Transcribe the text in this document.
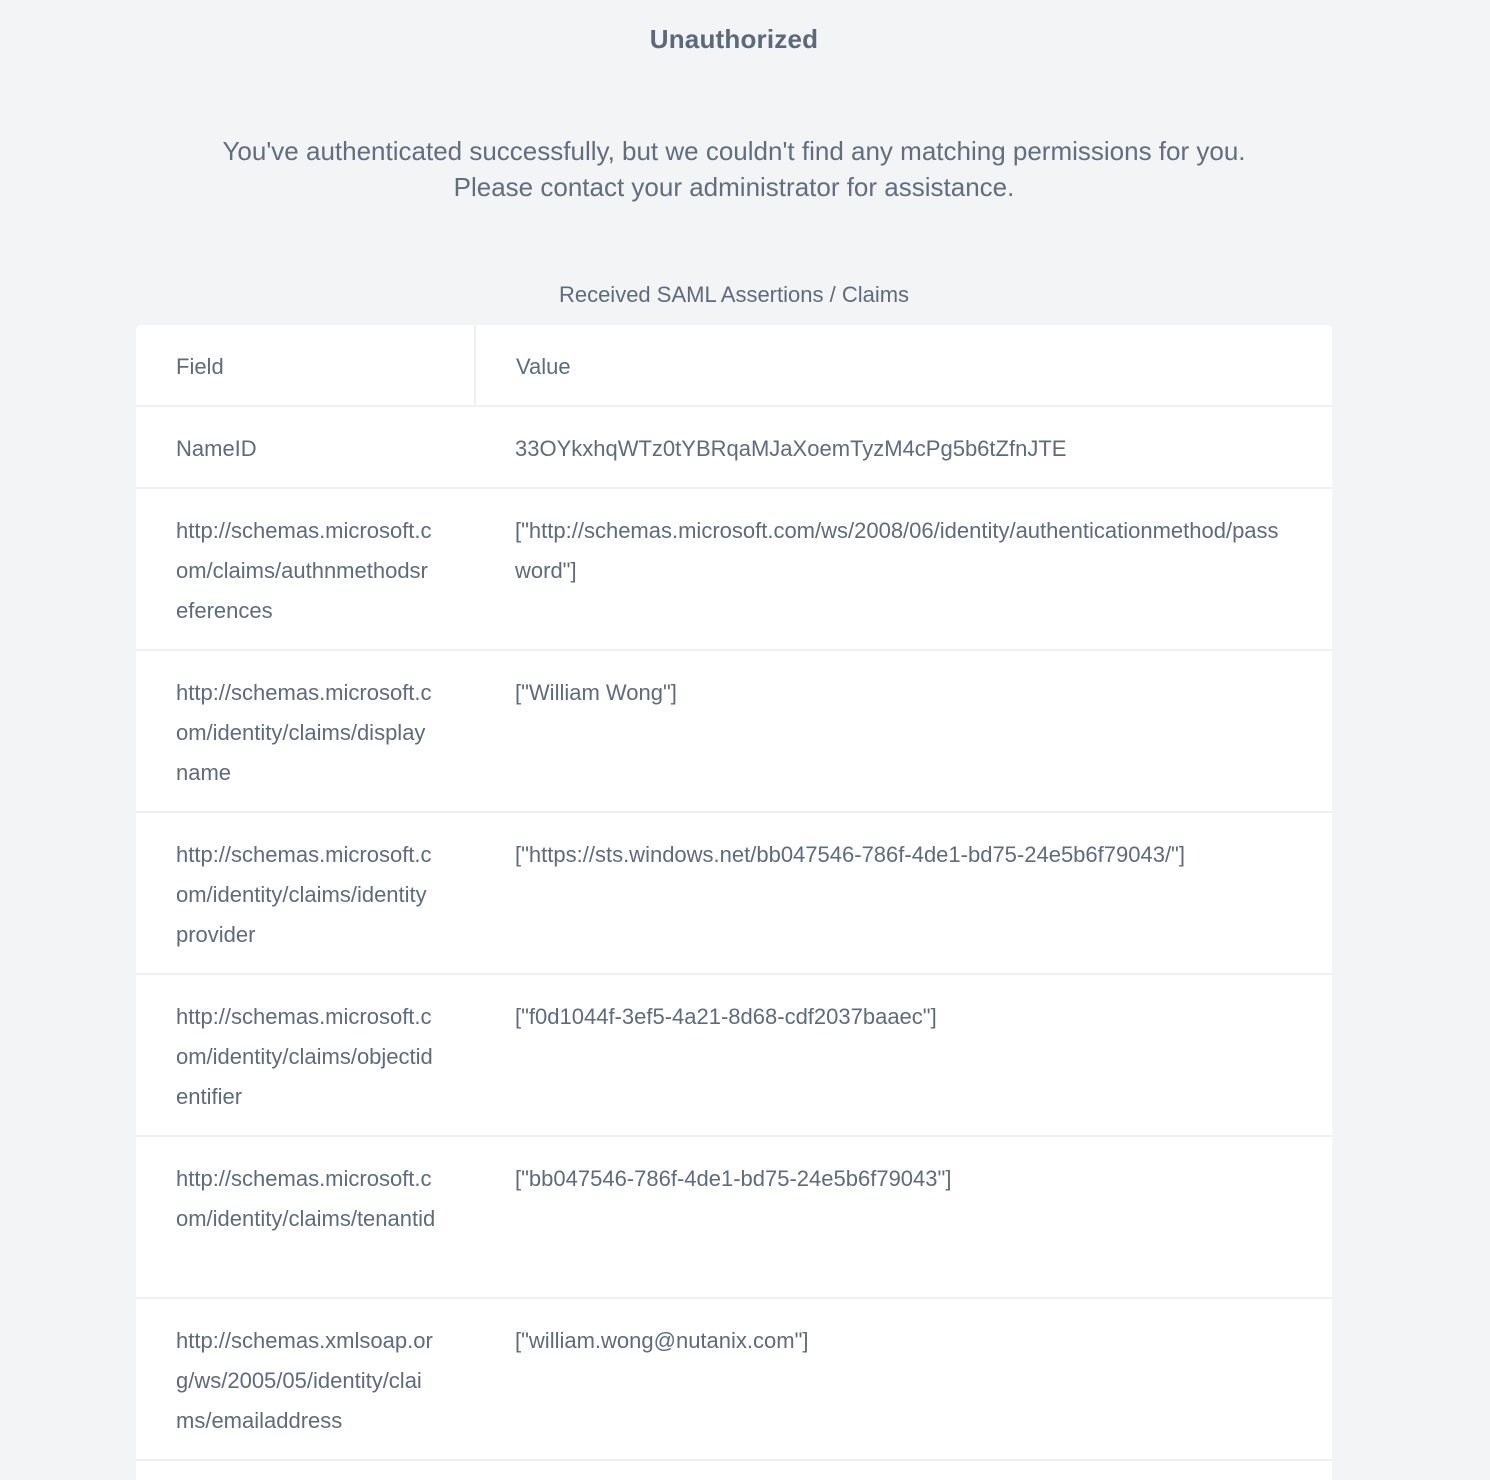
Unauthorized
You've authenticated successfully, but we couldn't find any matching permissions for you.
Please contact your administrator for assistance.
Received SAML Assertions / Claims
Field	Value
NameID	33OYkxhqWTz0tYBRqaMJaXoemTyzM4cPg5b6tZfnJTE
http://schemas.microsoft.com/claims/authnmethodsreferences
["http://schemas.microsoft.com/ws/2008/06/identity/authenticationmethod/password"]
http://schemas.microsoft.com/identity/claims/displayname
["William Wong"]
http://schemas.microsoft.com/identity/claims/identityprovider
["https://sts.windows.net/bb047546-786f-4de1-bd75-24e5b6f79043/"]
http://schemas.microsoft.com/identity/claims/objectidentifier
["f0d1044f-3ef5-4a21-8d68-cdf2037baaec"]
http://schemas.microsoft.com/identity/claims/tenantid
["bb047546-786f-4de1-bd75-24e5b6f79043"]
http://schemas.xmlsoap.org/ws/2005/05/identity/claims/emailaddress
["william.wong@nutanix.com"]
